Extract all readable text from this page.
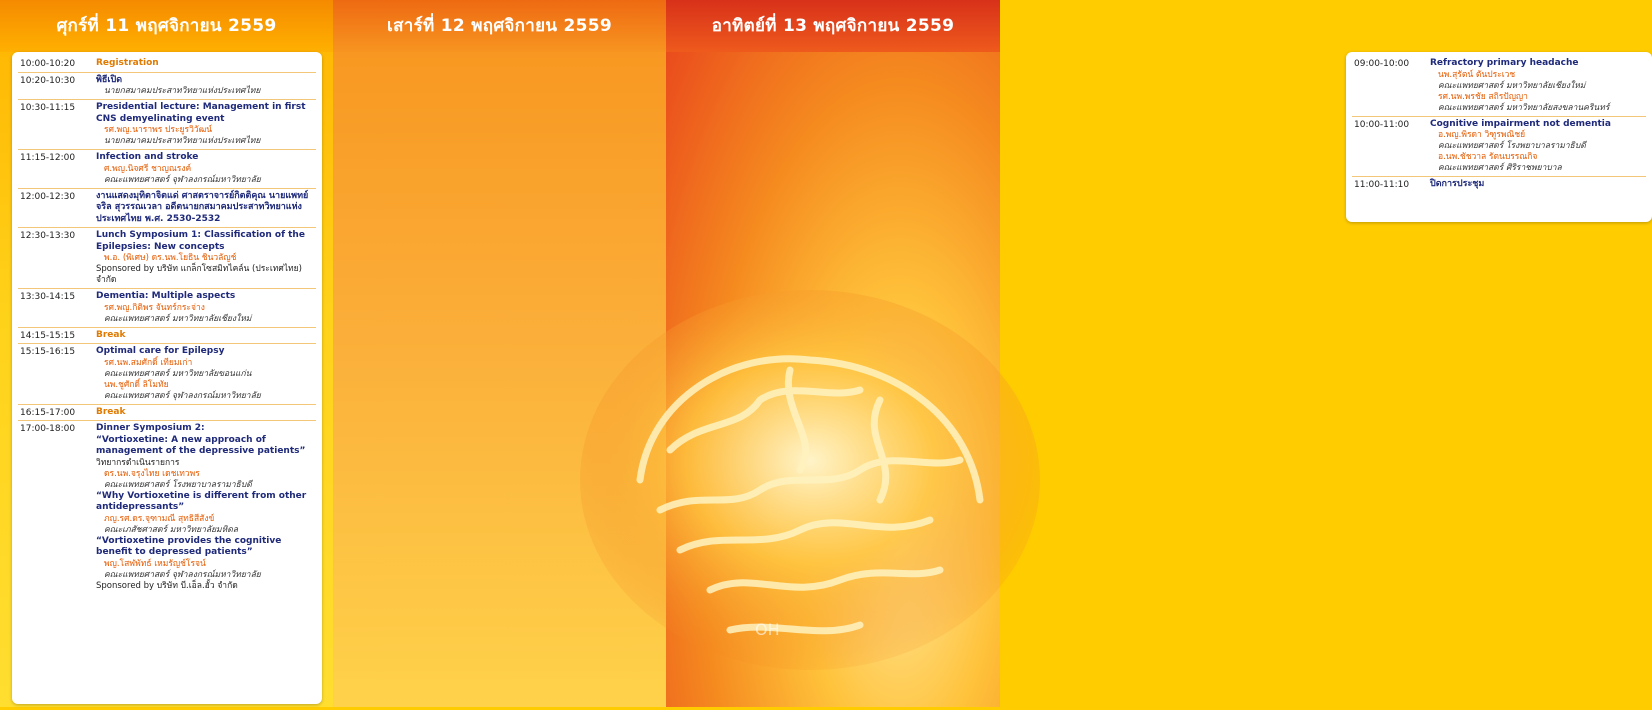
ศุกร์ที่ 11 พฤศจิกายน 2559
10:00-10:20	Registration
10:20-10:30	พิธีเปิด
นายกสมาคมประสาทวิทยาแห่งประเทศไทย
10:30-11:15	Presidential lecture: Management in first CNS demyelinating event
รศ.พญ.นาราพร ประยูรวิวัฒน์
นายกสมาคมประสาทวิทยาแห่งประเทศไทย
11:15-12:00	Infection and stroke
ศ.พญ.นิจศรี ชาญณรงค์
คณะแพทยศาสตร์ จุฬาลงกรณ์มหาวิทยาลัย
12:00-12:30	งานแสดงมุทิตาจิตแด่ ศาสตราจารย์กิตติคุณ นายแพทย์ จริล สุวรรณเวลา อดีตนายกสมาคมประสาทวิทยาแห่งประเทศไทย พ.ศ. 2530-2532
12:30-13:30	Lunch Symposium 1: Classification of the Epilepsies: New concepts
พ.อ. (พิเศษ) ดร.นพ.โยธิน ชินวลัญช์
Sponsored by บริษัท แกล็กโซสมิทไคล์น (ประเทศไทย) จำกัด
13:30-14:15	Dementia: Multiple aspects
รศ.พญ.กิติพร จันทร์กระจ่าง
คณะแพทยศาสตร์ มหาวิทยาลัยเชียงใหม่
14:15-15:15	Break
15:15-16:15	Optimal care for Epilepsy
รศ.นพ.สมศักดิ์ เทียมเก่า
คณะแพทยศาสตร์ มหาวิทยาลัยขอนแก่น
นพ.ชูศักดิ์ ลิโมทัย
คณะแพทยศาสตร์ จุฬาลงกรณ์มหาวิทยาลัย
16:15-17:00	Break
17:00-18:00	Dinner Symposium 2:
“Vortioxetine: A new approach of management of the depressive patients”
วิทยากรดำเนินรายการ
ดร.นพ.จรุงไทย เดชเทวพร
คณะแพทยศาสตร์ โรงพยาบาลรามาธิบดี
“Why Vortioxetine is different from other antidepressants”
ภญ.รศ.ดร.จุฑามณี สุทธิสีสังข์
คณะเภสัชศาสตร์ มหาวิทยาลัยมหิดล
“Vortioxetine provides the cognitive benefit to depressed patients”
พญ.โสฬพัทธ์ เหมรัญช์โรจน์
คณะแพทยศาสตร์ จุฬาลงกรณ์มหาวิทยาลัย
Sponsored by บริษัท บี.เอ็ล.ฮั้ว จำกัด
เสาร์ที่ 12 พฤศจิกายน 2559	อาทิตย์ที่ 13 พฤศจิกายน 2559
09:00-10:00	Refractory primary headache
นพ.สุรัตน์ ตันประเวช
คณะแพทยศาสตร์ มหาวิทยาลัยเชียงใหม่
รศ.นพ.พรชัย สถิรปัญญา
คณะแพทยศาสตร์ มหาวิทยาลัยสงขลานครินทร์
10:00-11:00	Cognitive impairment not dementia
อ.พญ.พิรดา วิฑูรพณิชย์
คณะแพทยศาสตร์ โรงพยาบาลรามาธิบดี
อ.นพ.ชัชวาล รัตนบรรณกิจ
คณะแพทยศาสตร์ ศิริราชพยาบาล
11:00-11:10	ปิดการประชุม
OH
